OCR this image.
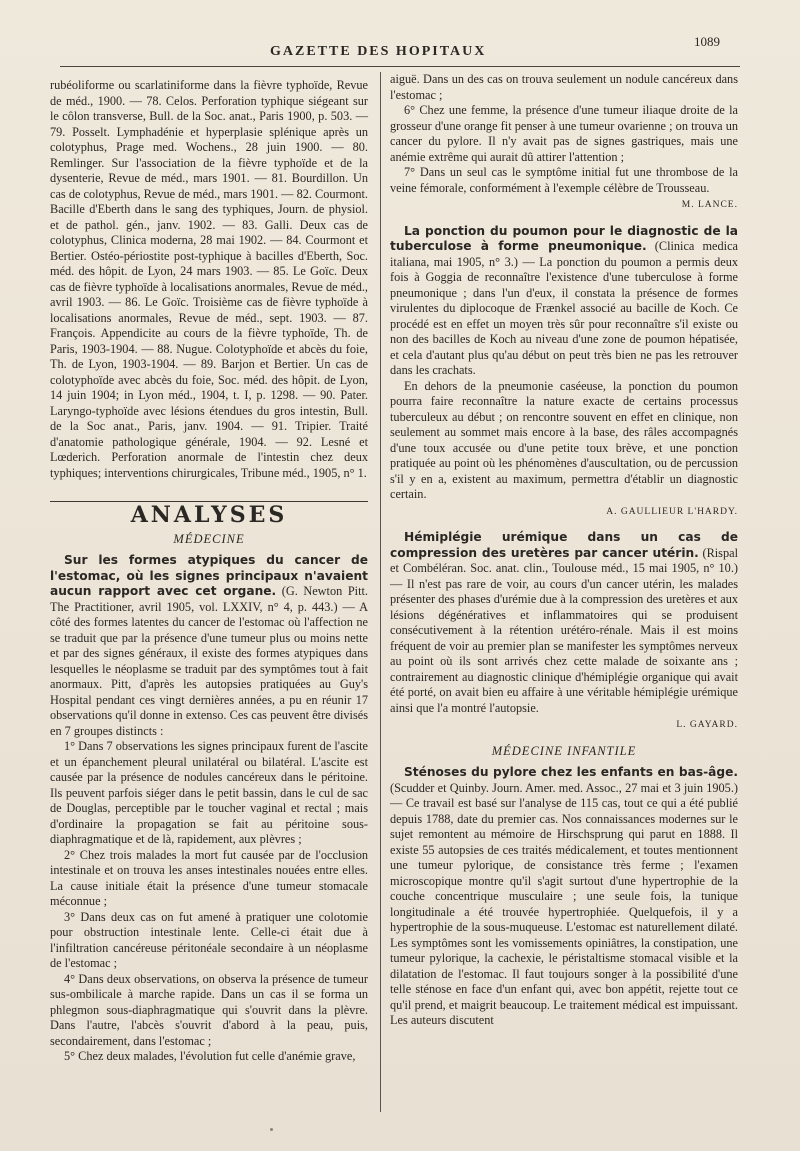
1089
GAZETTE DES HOPITAUX

rubéoliforme ou scarlatiniforme dans la fièvre typhoïde, Revue de méd., 1900. — 78. Celos. Perforation typhique siégeant sur le côlon transverse, Bull. de la Soc. anat., Paris 1900, p. 503. — 79. Posselt. Lymphadénie et hyperplasie splénique après un colotyphus, Prage med. Wochens., 28 juin 1900. — 80. Remlinger. Sur l'association de la fièvre typhoïde et de la dysenterie, Revue de méd., mars 1901. — 81. Bourdillon. Un cas de colotyphus, Revue de méd., mars 1901. — 82. Courmont. Bacille d'Eberth dans le sang des typhiques, Journ. de physiol. et de pathol. gén., janv. 1902. — 83. Galli. Deux cas de colotyphus, Clinica moderna, 28 mai 1902. — 84. Courmont et Bertier. Ostéo-périostite post-typhique à bacilles d'Eberth, Soc. méd. des hôpit. de Lyon, 24 mars 1903. — 85. Le Goïc. Deux cas de fièvre typhoïde à localisations anormales, Revue de méd., avril 1903. — 86. Le Goïc. Troisième cas de fièvre typhoïde à localisations anormales, Revue de méd., sept. 1903. — 87. François. Appendicite au cours de la fièvre typhoïde, Th. de Paris, 1903-1904. — 88. Nugue. Colotyphoïde et abcès du foie, Th. de Lyon, 1903-1904. — 89. Barjon et Bertier. Un cas de colotyphoïde avec abcès du foie, Soc. méd. des hôpit. de Lyon, 14 juin 1904; in Lyon méd., 1904, t. I, p. 1298. — 90. Pater. Laryngo-typhoïde avec lésions étendues du gros intestin, Bull. de la Soc anat., Paris, janv. 1904. — 91. Tripier. Traité d'anatomie pathologique générale, 1904. — 92. Lesné et Lœderich. Perforation anormale de l'intestin chez deux typhiques; interventions chirurgicales, Tribune méd., 1905, n° 1.

ANALYSES
MÉDECINE

Sur les formes atypiques du cancer de l'estomac, où les signes principaux n'avaient aucun rapport avec cet organe. (G. Newton Pitt. The Practitioner, avril 1905, vol. LXXIV, n° 4, p. 443.) — A côté des formes latentes du cancer de l'estomac où l'affection ne se traduit que par la présence d'une tumeur plus ou moins nette et par des signes généraux, il existe des formes atypiques dans lesquelles le néoplasme se traduit par des symptômes tout à fait anormaux. Pitt, d'après les autopsies pratiquées au Guy's Hospital pendant ces vingt dernières années, a pu en réunir 17 observations qu'il donne in extenso. Ces cas peuvent être divisés en 7 groupes distincts :

1° Dans 7 observations les signes principaux furent de l'ascite et un épanchement pleural unilatéral ou bilatéral. L'ascite est causée par la présence de nodules cancéreux dans le péritoine. Ils peuvent parfois siéger dans le petit bassin, dans le cul de sac de Douglas, perceptible par le toucher vaginal et rectal ; mais d'ordinaire la propagation se fait au péritoine sous-diaphragmatique et de là, rapidement, aux plèvres ;

2° Chez trois malades la mort fut causée par de l'occlusion intestinale et on trouva les anses intestinales nouées entre elles. La cause initiale était la présence d'une tumeur stomacale méconnue ;

3° Dans deux cas on fut amené à pratiquer une colotomie pour obstruction intestinale lente. Celle-ci était due à l'infiltration cancéreuse péritonéale secondaire à un néoplasme de l'estomac ;

4° Dans deux observations, on observa la présence de tumeur sus-ombilicale à marche rapide. Dans un cas il se forma un phlegmon sous-diaphragmatique qui s'ouvrit dans la plèvre. Dans l'autre, l'abcès s'ouvrit d'abord à la peau, puis, secondairement, dans l'estomac ;

5° Chez deux malades, l'évolution fut celle d'anémie grave,

aiguë. Dans un des cas on trouva seulement un nodule cancéreux dans l'estomac ;

6° Chez une femme, la présence d'une tumeur iliaque droite de la grosseur d'une orange fit penser à une tumeur ovarienne ; on trouva un cancer du pylore. Il n'y avait pas de signes gastriques, mais une anémie extrême qui aurait dû attirer l'attention ;

7° Dans un seul cas le symptôme initial fut une thrombose de la veine fémorale, conformément à l'exemple célèbre de Trousseau.

M. LANCE.

La ponction du poumon pour le diagnostic de la tuberculose à forme pneumonique. (Clinica medica italiana, mai 1905, n° 3.) — La ponction du poumon a permis deux fois à Goggia de reconnaître l'existence d'une tuberculose à forme pneumonique ; dans l'un d'eux, il constata la présence de formes virulentes du diplocoque de Frænkel associé au bacille de Koch. Ce procédé est en effet un moyen très sûr pour reconnaître s'il existe ou non des bacilles de Koch au niveau d'une zone de poumon hépatisée, et cela d'autant plus qu'au début on peut très bien ne pas les retrouver dans les crachats.

En dehors de la pneumonie caséeuse, la ponction du poumon pourra faire reconnaître la nature exacte de certains processus tuberculeux au début ; on rencontre souvent en effet en clinique, non seulement au sommet mais encore à la base, des râles accompagnés d'une toux accusée ou d'une petite toux brève, et une ponction pratiquée au point où les phénomènes d'auscultation, ou de percussion s'il y en a, existent au maximum, permettra d'établir un diagnostic certain.

A. GAULLIEUR L'HARDY.

Hémiplégie urémique dans un cas de compression des uretères par cancer utérin. (Rispal et Combéléran. Soc. anat. clin., Toulouse méd., 15 mai 1905, n° 10.) — Il n'est pas rare de voir, au cours d'un cancer utérin, les malades présenter des phases d'urémie due à la compression des uretères et aux lésions dégénératives et inflammatoires qui se produisent consécutivement à la rétention urétéro-rénale. Mais il est moins fréquent de voir au premier plan se manifester les symptômes nerveux au point où ils sont arrivés chez cette malade de soixante ans ; contrairement au diagnostic clinique d'hémiplégie organique qui avait été porté, on avait bien eu affaire à une véritable hémiplégie urémique ainsi que l'a montré l'autopsie.

L. GAYARD.
MÉDECINE INFANTILE

Sténoses du pylore chez les enfants en bas-âge. (Scudder et Quinby. Journ. Amer. med. Assoc., 27 mai et 3 juin 1905.) — Ce travail est basé sur l'analyse de 115 cas, tout ce qui a été publié depuis 1788, date du premier cas. Nos connaissances modernes sur le sujet remontent au mémoire de Hirschsprung qui parut en 1888. Il existe 55 autopsies de ces traités médicalement, et toutes mentionnent une tumeur pylorique, de consistance très ferme ; l'examen microscopique montre qu'il s'agit surtout d'une hypertrophie de la couche concentrique musculaire ; une seule fois, la tunique longitudinale a été trouvée hypertrophiée. Quelquefois, il y a hypertrophie de la sous-muqueuse. L'estomac est naturellement dilaté. Les symptômes sont les vomissements opiniâtres, la constipation, une tumeur pylorique, la cachexie, le péristaltisme stomacal visible et la dilatation de l'estomac. Il faut toujours songer à la possibilité d'une telle sténose en face d'un enfant qui, avec bon appétit, rejette tout ce qu'il prend, et maigrit beaucoup. Le traitement médical est impuissant. Les auteurs discutent
